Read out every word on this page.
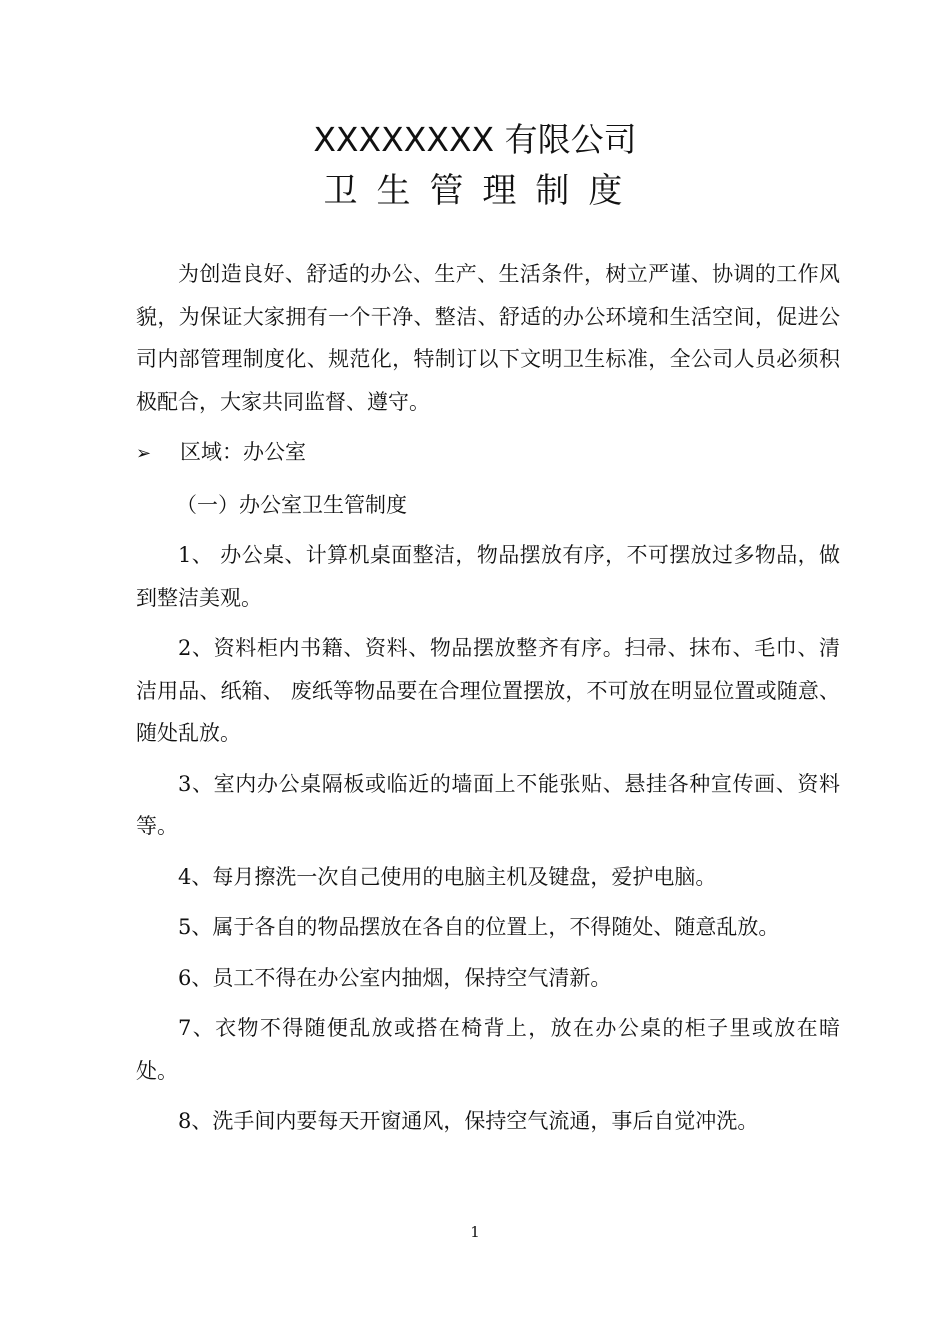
XXXXXXXX 有限公司
卫 生 管 理 制 度

为创造良好、舒适的办公、生产、生活条件，树立严谨、协调的工作风貌，为保证大家拥有一个干净、整洁、舒适的办公环境和生活空间，促进公司内部管理制度化、规范化，特制订以下文明卫生标准，全公司人员必须积极配合，大家共同监督、遵守。

➢	区域：办公室

（一）办公室卫生管制度

1、 办公桌、计算机桌面整洁，物品摆放有序，不可摆放过多物品，做到整洁美观。

2、资料柜内书籍、资料、物品摆放整齐有序。扫帚、抹布、毛巾、清洁用品、纸箱、 废纸等物品要在合理位置摆放，不可放在明显位置或随意、随处乱放。

3、室内办公桌隔板或临近的墙面上不能张贴、悬挂各种宣传画、资料等。

4、每月擦洗一次自己使用的电脑主机及键盘，爱护电脑。

5、属于各自的物品摆放在各自的位置上，不得随处、随意乱放。

6、员工不得在办公室内抽烟，保持空气清新。

7、衣物不得随便乱放或搭在椅背上，放在办公桌的柜子里或放在暗处。

8、洗手间内要每天开窗通风，保持空气流通，事后自觉冲洗。

1
